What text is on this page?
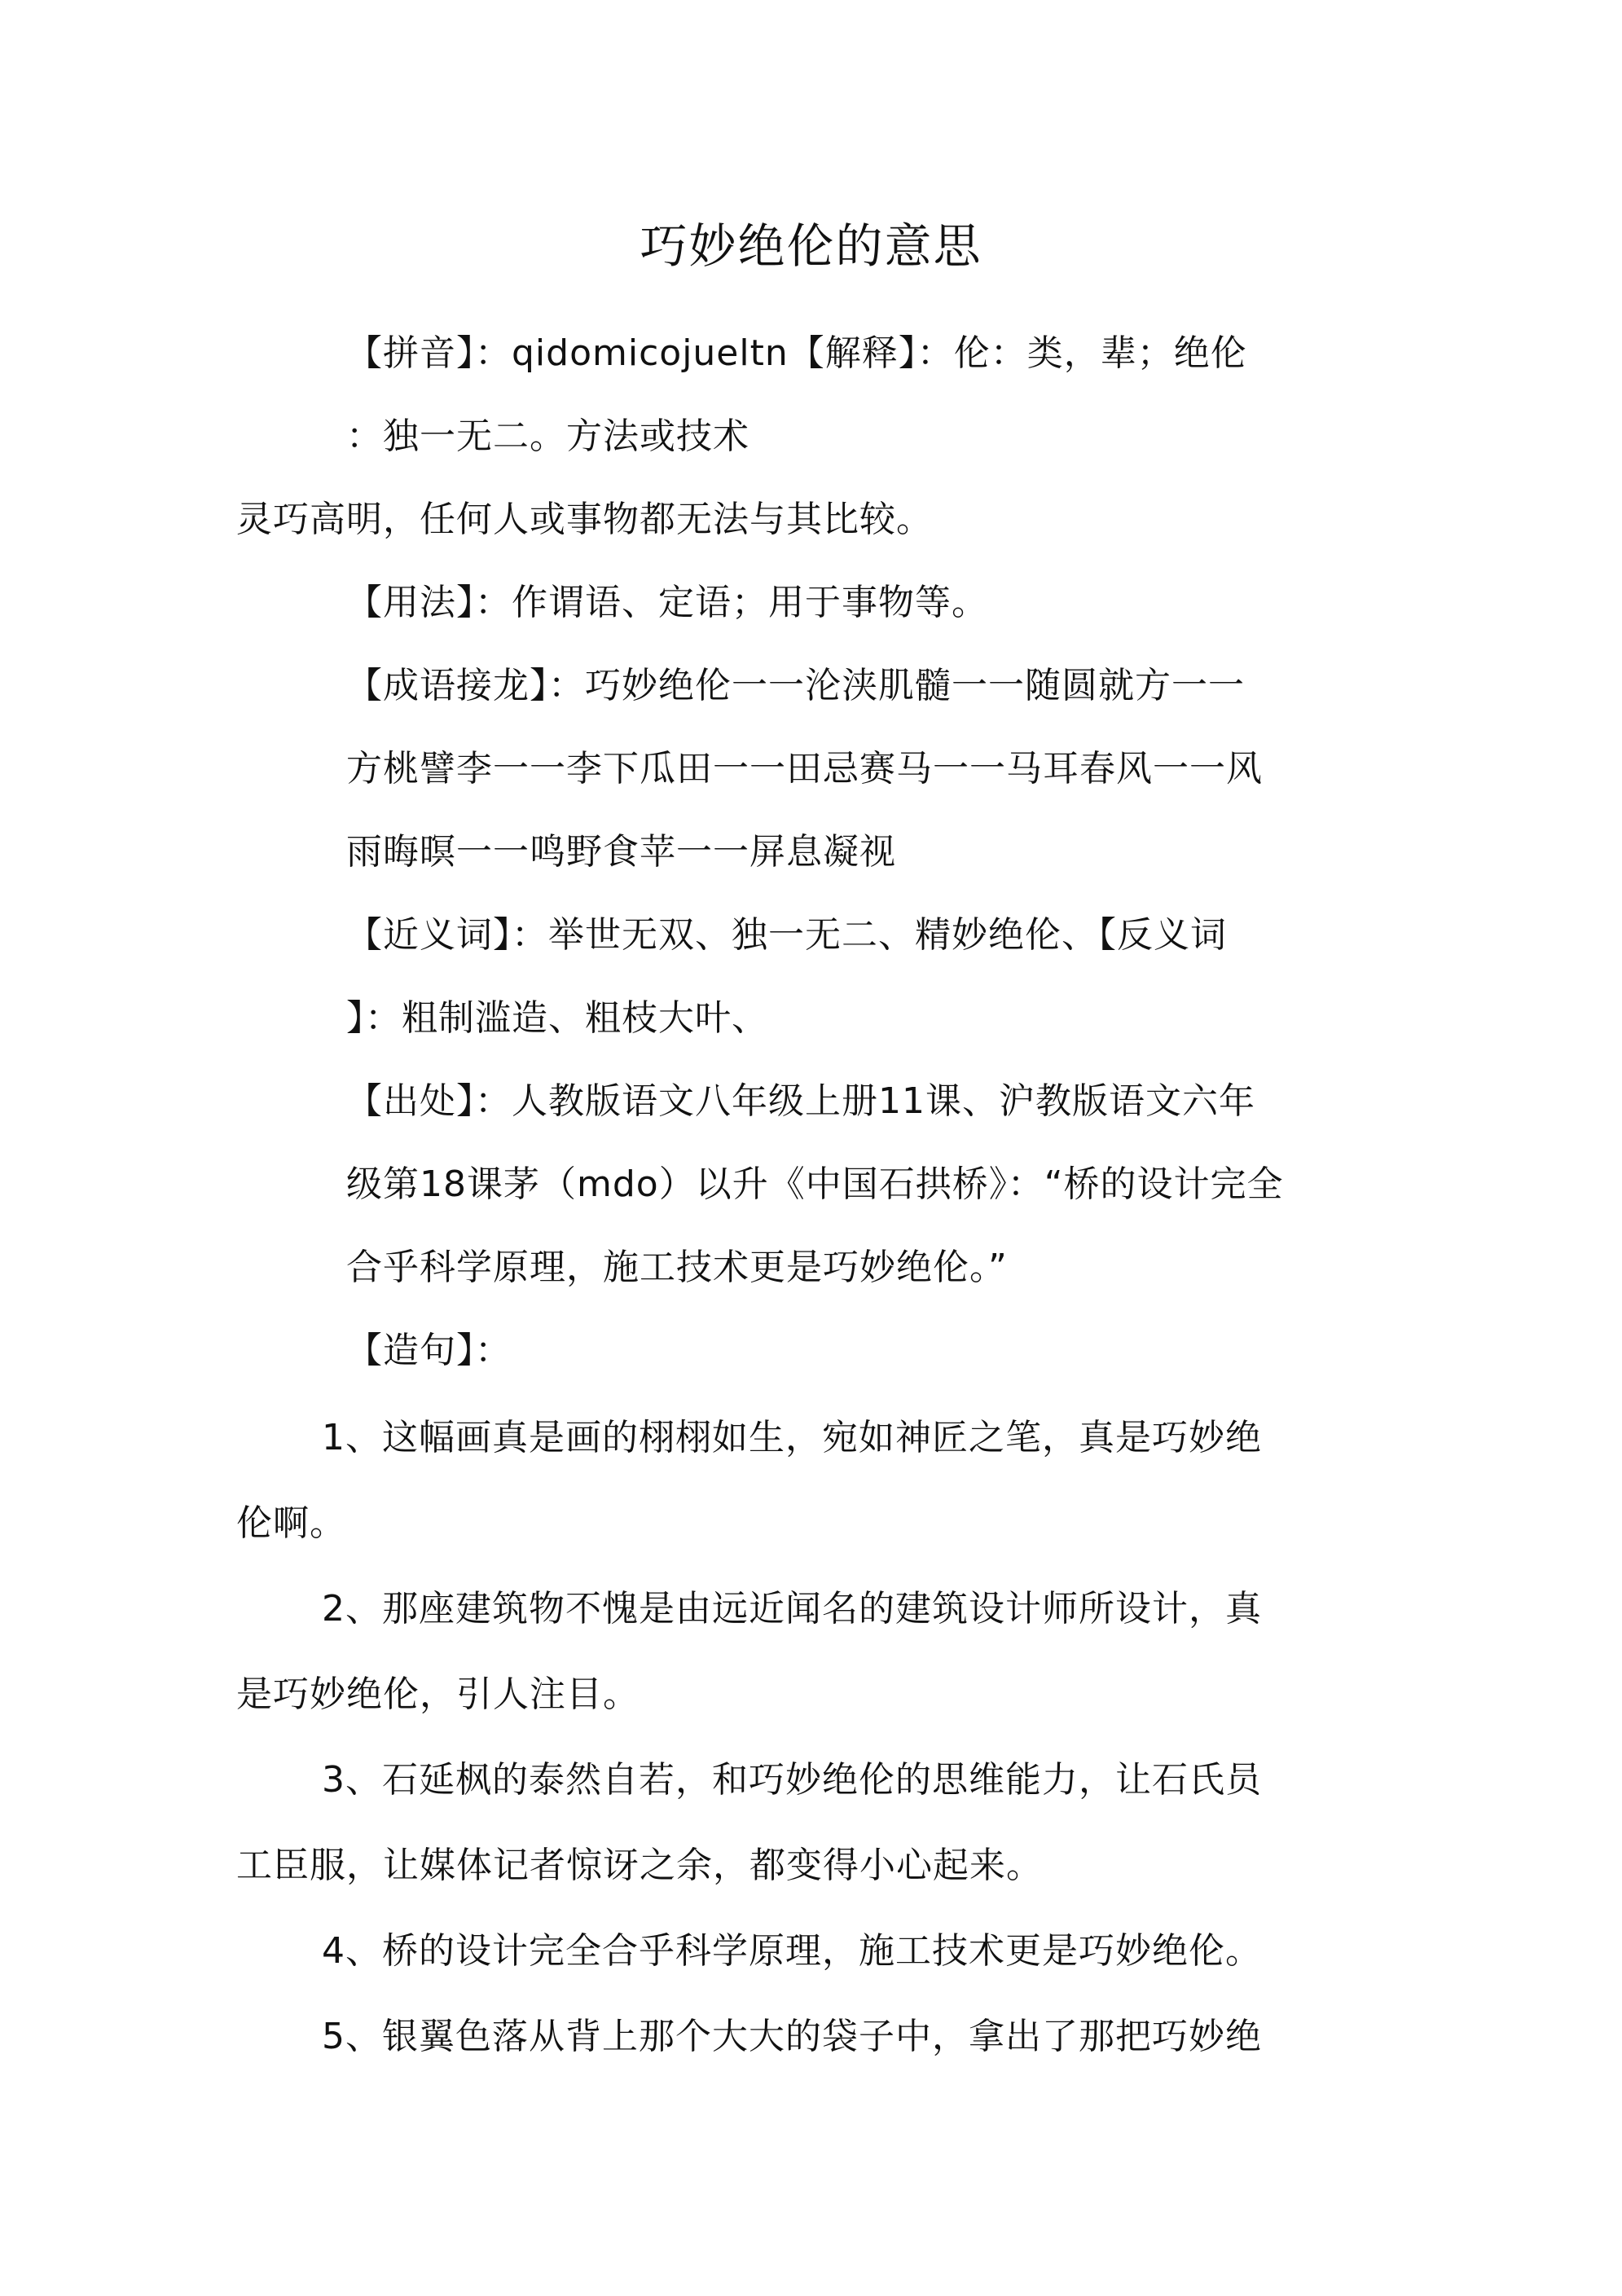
巧妙绝伦的意思
【拼音】：qidomicojueltn【解释】：伦：类，辈；绝伦
：独一无二。方法或技术
灵巧高明，任何人或事物都无法与其比较。
【用法】：作谓语、定语；用于事物等。
【成语接龙】：巧妙绝伦一一沦浃肌髓一一随圆就方一一
方桃譬李一一李下瓜田一一田忌赛马一一马耳春风一一风
雨晦暝一一鸣野食苹一一屏息凝视
【近义词】：举世无双、独一无二、精妙绝伦、【反义词
】：粗制滥造、粗枝大叶、
【出处】：人教版语文八年级上册11课、沪教版语文六年
级第18课茅（mdo）以升《中国石拱桥》：“桥的设计完全
合乎科学原理，施工技术更是巧妙绝伦。”
【造句】：
1、这幅画真是画的栩栩如生，宛如神匠之笔，真是巧妙绝
伦啊。
2、那座建筑物不愧是由远近闻名的建筑设计师所设计，真
是巧妙绝伦，引人注目。
3、石延枫的泰然自若，和巧妙绝伦的思维能力，让石氏员
工臣服，让媒体记者惊讶之余，都变得小心起来。
4、桥的设计完全合乎科学原理，施工技术更是巧妙绝伦。
5、银翼色落从背上那个大大的袋子中，拿出了那把巧妙绝
